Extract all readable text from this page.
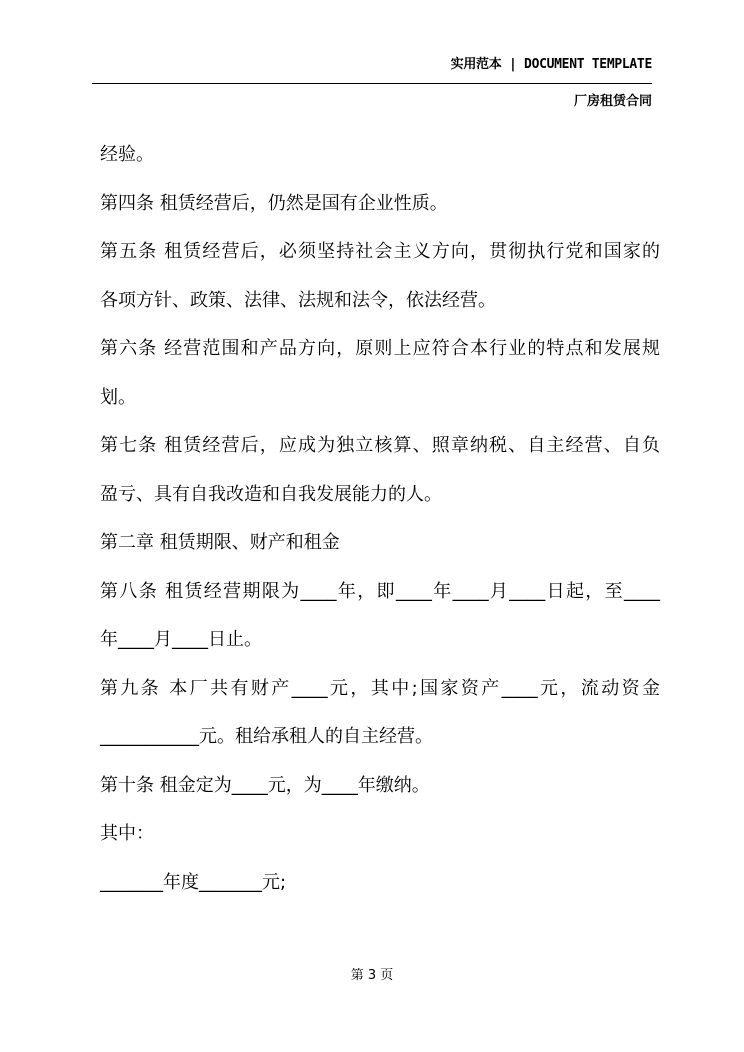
实用范本 | DOCUMENT TEMPLATE
厂房租赁合同
经验。
第四条 租赁经营后，仍然是国有企业性质。
第五条 租赁经营后，必须坚持社会主义方向，贯彻执行党和国家的
各项方针、政策、法律、法规和法令，依法经营。
第六条 经营范围和产品方向，原则上应符合本行业的特点和发展规
划。
第七条 租赁经营后，应成为独立核算、照章纳税、自主经营、自负
盈亏、具有自我改造和自我发展能力的人。
第二章 租赁期限、财产和租金
第八条 租赁经营期限为____年，即____年____月____日起，至____
年____月____日止。
第九条 本厂共有财产____元，其中;国家资产____元，流动资金
___________元。租给承租人的自主经营。
第十条 租金定为____元，为____年缴纳。
其中：
_______年度_______元;
第 3 页
